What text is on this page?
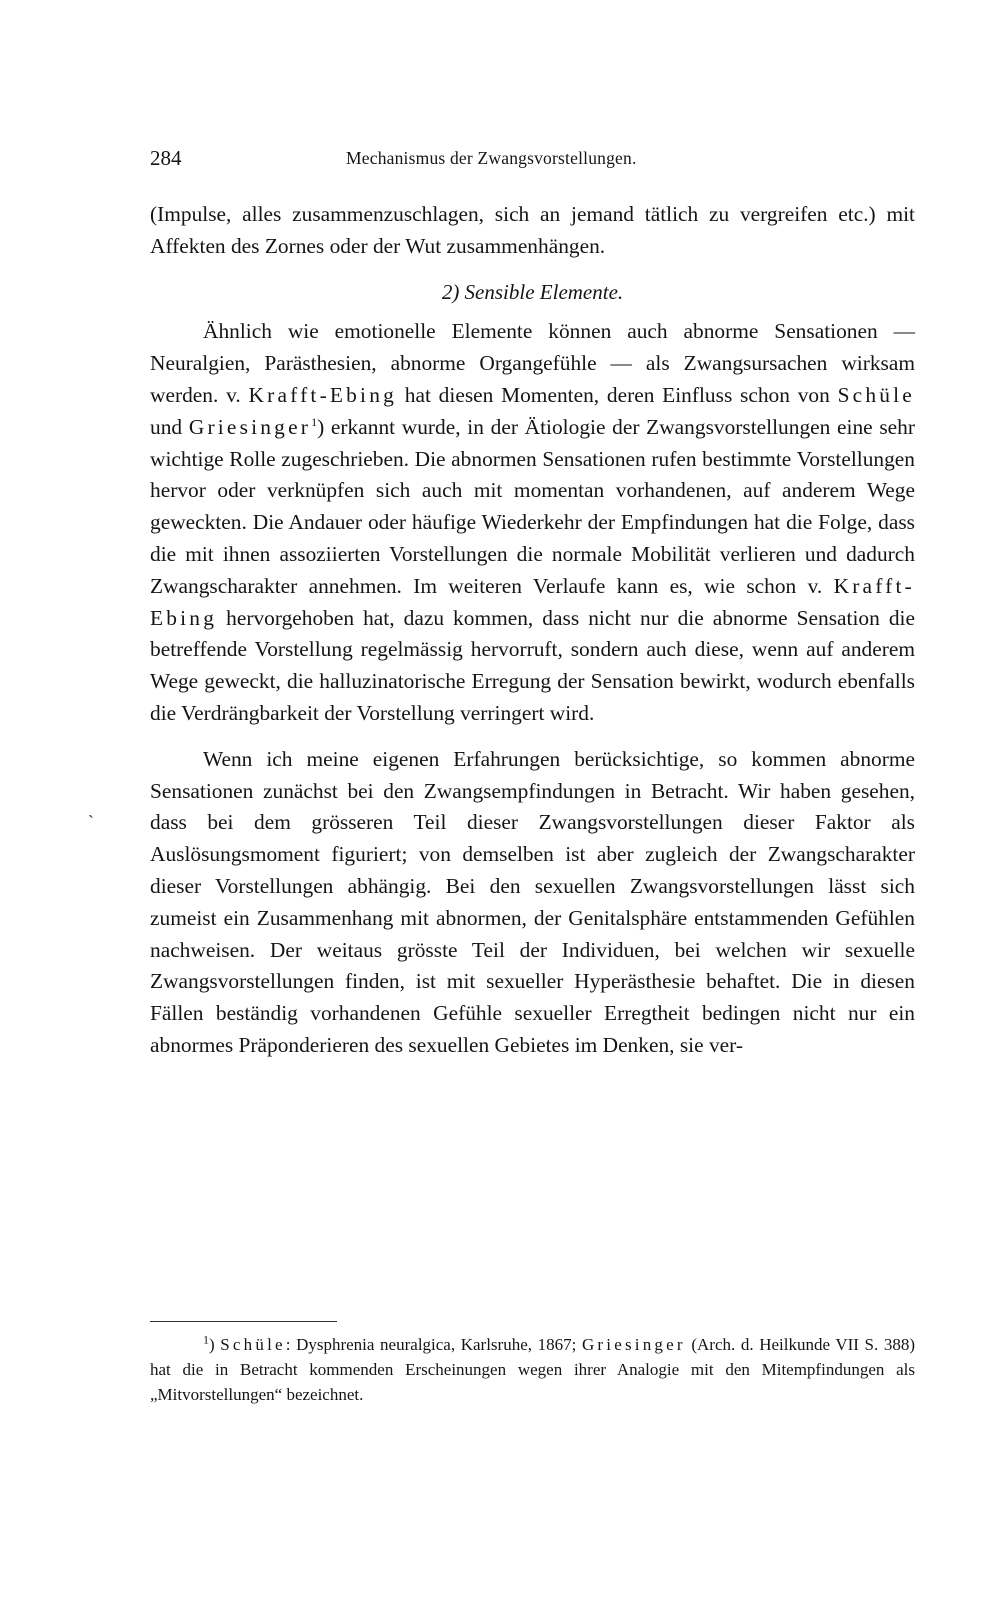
284	Mechanismus der Zwangsvorstellungen.

(Impulse, alles zusammenzuschlagen, sich an jemand tätlich zu vergreifen etc.) mit Affekten des Zornes oder der Wut zusammenhängen.

2) Sensible Elemente.

Ähnlich wie emotionelle Elemente können auch abnorme Sensationen — Neuralgien, Parästhesien, abnorme Organgefühle — als Zwangsursachen wirksam werden. v. Krafft-Ebing hat diesen Momenten, deren Einfluss schon von Schüle und Griesinger$^1$) erkannt wurde, in der Ätiologie der Zwangsvorstellungen eine sehr wichtige Rolle zugeschrieben. Die abnormen Sensationen rufen bestimmte Vorstellungen hervor oder verknüpfen sich auch mit momentan vorhandenen, auf anderem Wege geweckten. Die Andauer oder häufige Wiederkehr der Empfindungen hat die Folge, dass die mit ihnen assoziierten Vorstellungen die normale Mobilität verlieren und dadurch Zwangscharakter annehmen. Im weiteren Verlaufe kann es, wie schon v. Krafft-Ebing hervorgehoben hat, dazu kommen, dass nicht nur die abnorme Sensation die betreffende Vorstellung regelmässig hervorruft, sondern auch diese, wenn auf anderem Wege geweckt, die halluzinatorische Erregung der Sensation bewirkt, wodurch ebenfalls die Verdrängbarkeit der Vorstellung verringert wird.

Wenn ich meine eigenen Erfahrungen berücksichtige, so kommen abnorme Sensationen zunächst bei den Zwangsempfindungen in Betracht. Wir haben gesehen, dass bei dem grösseren Teil dieser Zwangsvorstellungen dieser Faktor als Auslösungsmoment figuriert; von demselben ist aber zugleich der Zwangscharakter dieser Vorstellungen abhängig. Bei den sexuellen Zwangsvorstellungen lässt sich zumeist ein Zusammenhang mit abnormen, der Genitalsphäre entstammenden Gefühlen nachweisen. Der weitaus grösste Teil der Individuen, bei welchen wir sexuelle Zwangsvorstellungen finden, ist mit sexueller Hyperästhesie behaftet. Die in diesen Fällen beständig vorhandenen Gefühle sexueller Erregtheit bedingen nicht nur ein abnormes Präponderieren des sexuellen Gebietes im Denken, sie ver-

$^1$) Schüle: Dysphrenia neuralgica, Karlsruhe, 1867; Griesinger (Arch. d. Heilkunde VII S. 388) hat die in Betracht kommenden Erscheinungen wegen ihrer Analogie mit den Mitempfindungen als „Mitvorstellungen“ bezeichnet.

ˋ
